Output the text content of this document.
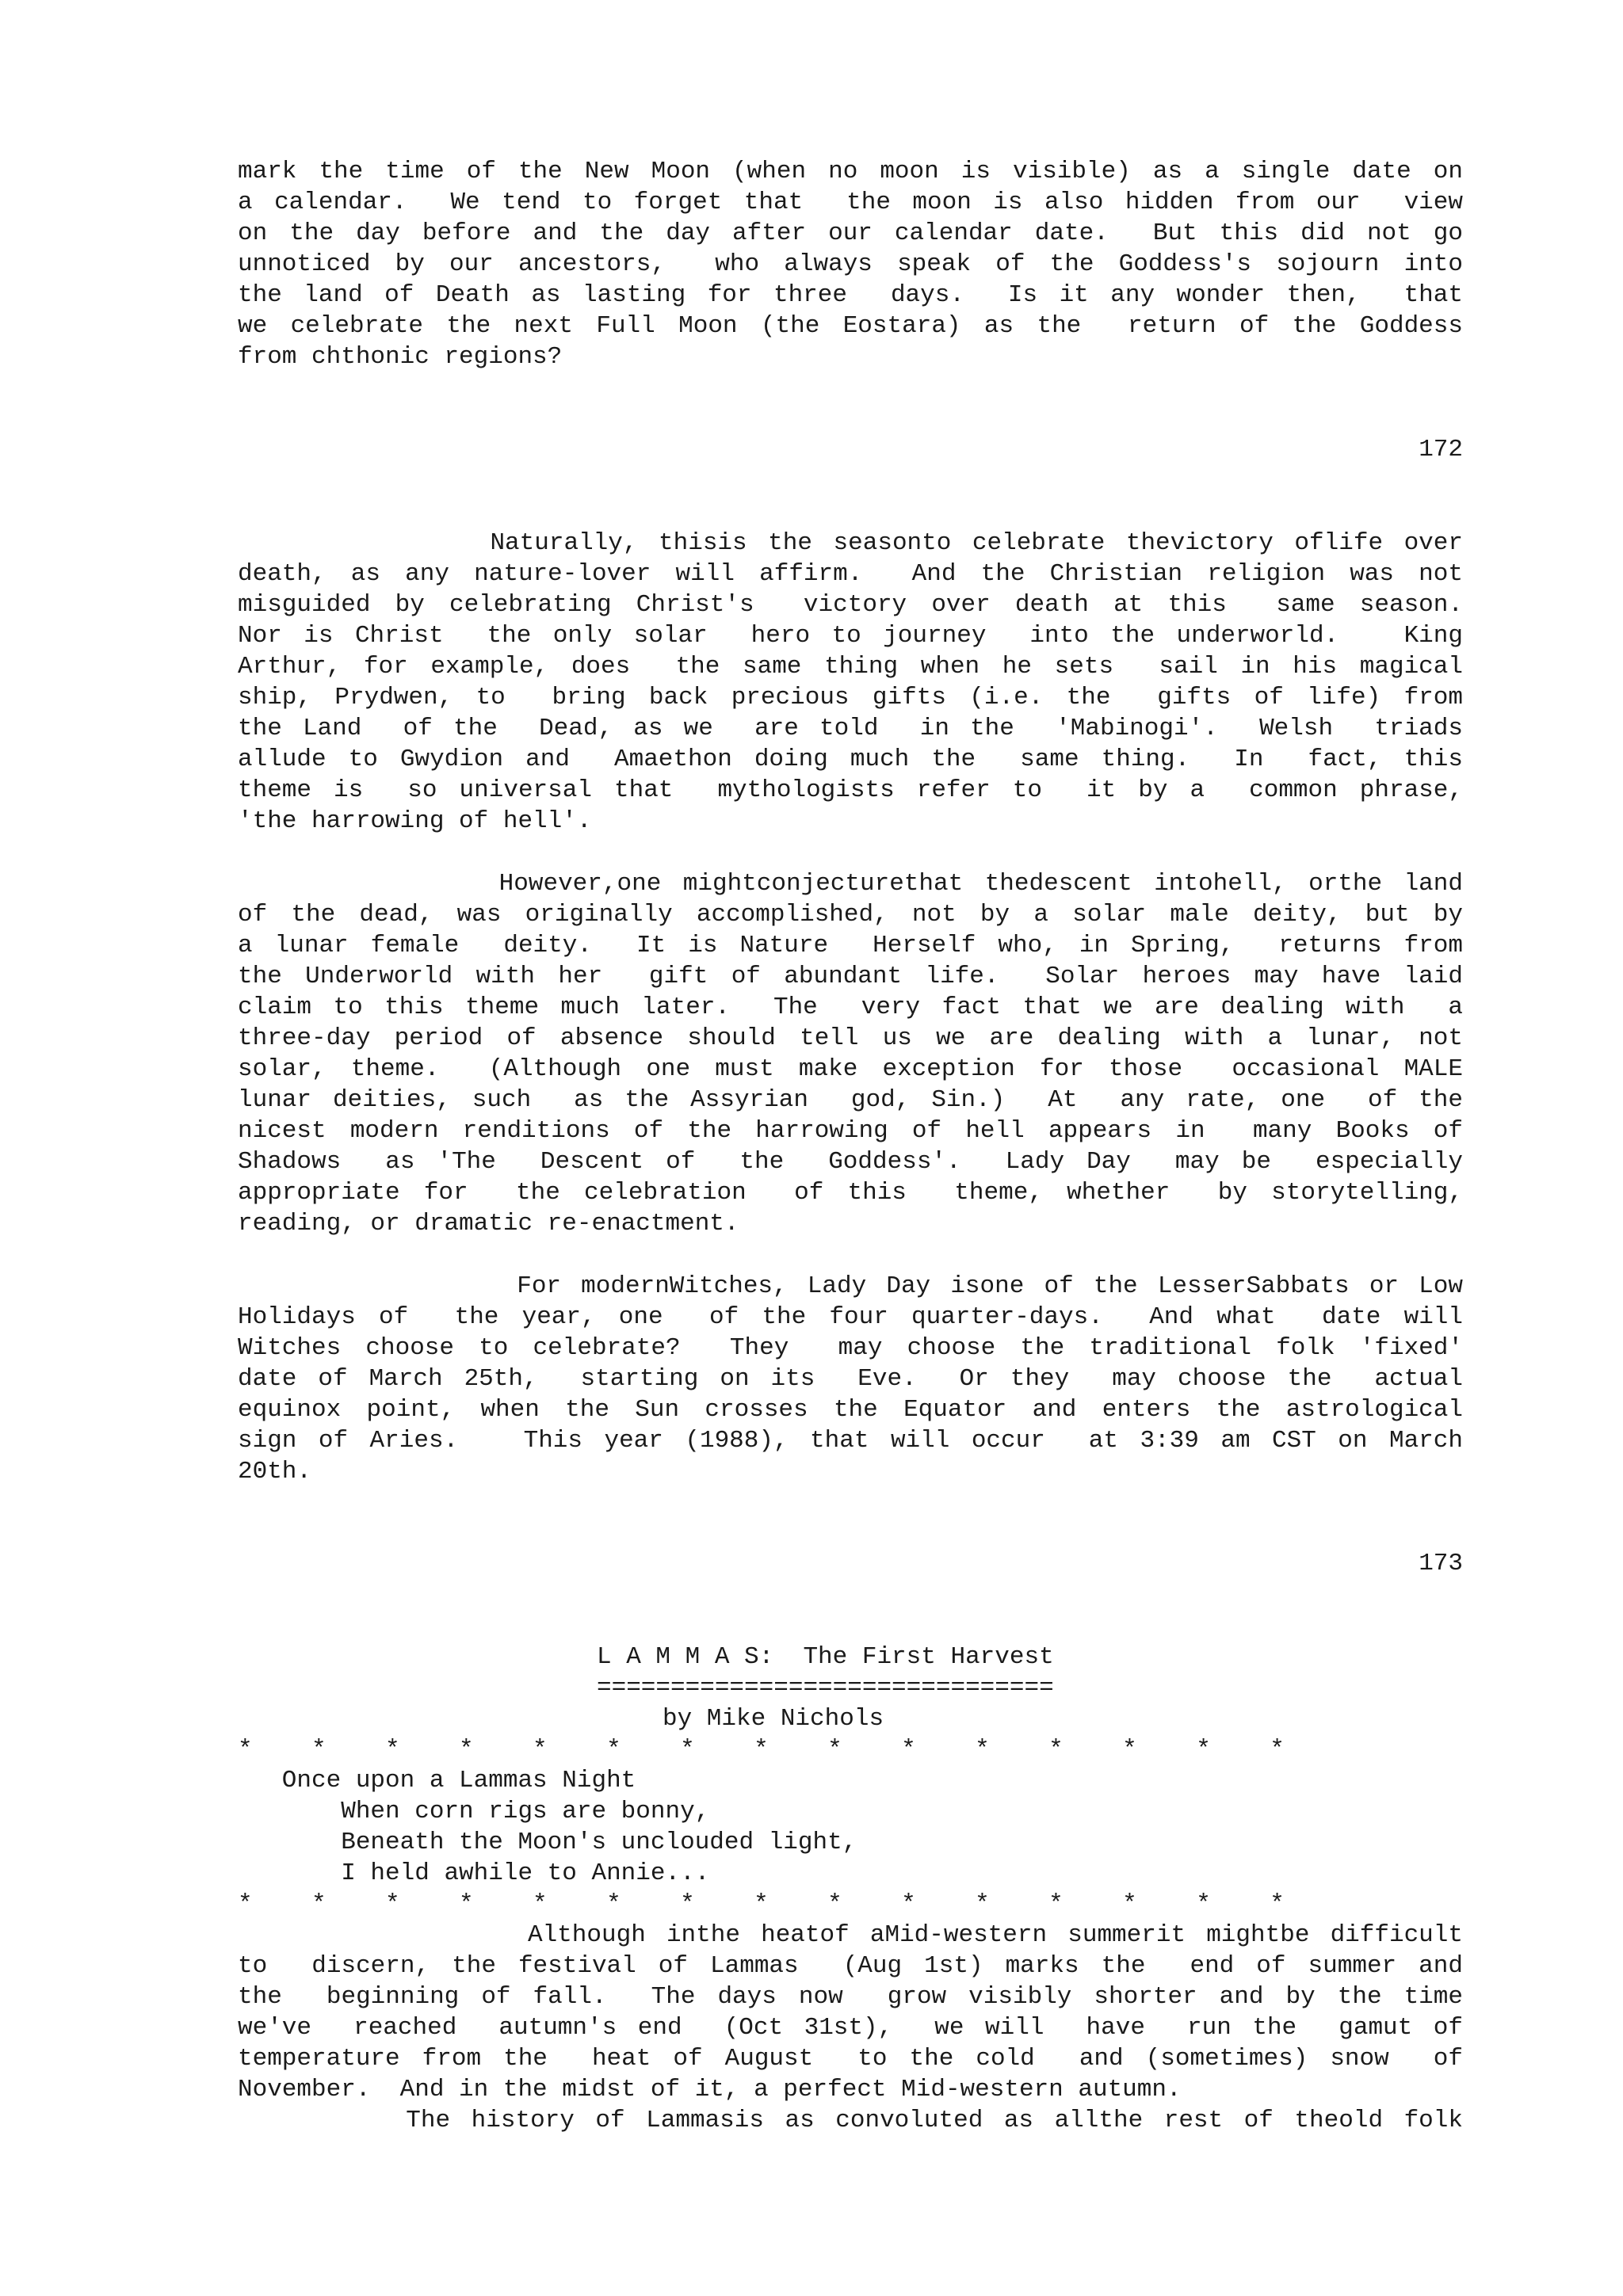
mark the time of the New Moon (when no moon is visible) as a single date on

a calendar.  We tend to forget that  the moon is also hidden from our  view

on the day before and the day after our calendar date.  But this did not go

unnoticed by our ancestors,  who always speak of the Goddess's sojourn into

the land of Death as lasting for three  days.  Is it any wonder then,  that

we celebrate the next Full Moon (the Eostara) as the  return of the Goddess

from chthonic regions?

172

Naturally, thisis the seasonto celebrate thevictory oflife over

death, as any nature-lover will affirm.  And the Christian religion was not

misguided by celebrating Christ's  victory over death at this  same season.

Nor is Christ  the only solar  hero to journey  into the underworld.   King

Arthur, for example, does  the same thing when he sets  sail in his magical

ship, Prydwen, to  bring back precious gifts (i.e. the  gifts of life) from

the Land  of the  Dead, as we  are told  in the  'Mabinogi'.  Welsh  triads

allude to Gwydion and  Amaethon doing much the  same thing.  In  fact, this

theme is  so universal that  mythologists refer to  it by a  common phrase,

'the harrowing of hell'.

However,one mightconjecturethat thedescent intohell, orthe land

of the dead, was originally accomplished, not by a solar male deity, but by

a lunar female  deity.  It is Nature  Herself who, in Spring,  returns from

the Underworld with her  gift of abundant life.  Solar heroes may have laid

claim to this theme much later.  The  very fact that we are dealing with  a

three-day period of absence should tell us we are dealing with a lunar, not

solar, theme.  (Although one must make exception for those  occasional MALE

lunar deities, such  as the Assyrian  god, Sin.)  At  any rate, one  of the

nicest modern renditions of the harrowing of hell appears in  many Books of

Shadows  as 'The  Descent of  the  Goddess'.  Lady Day  may be  especially

appropriate for  the celebration  of this  theme, whether  by storytelling,

reading, or dramatic re-enactment.

For modernWitches, Lady Day isone of the LesserSabbats or Low

Holidays of  the year, one  of the four quarter-days.  And what  date will

Witches choose to celebrate?  They  may choose the traditional folk 'fixed'

date of March 25th,  starting on its  Eve.  Or they  may choose the  actual

equinox point, when the Sun crosses the Equator and enters the astrological

sign of Aries.   This year (1988), that will occur  at 3:39 am CST on March

20th.

173

L A M M A S:  The First Harvest

===============================

by Mike Nichols

*    *    *    *    *    *    *    *    *    *    *    *    *    *    *

Once upon a Lammas Night

When corn rigs are bonny,

Beneath the Moon's unclouded light,

I held awhile to Annie...

*    *    *    *    *    *    *    *    *    *    *    *    *    *    *

Although inthe heatof aMid-western summerit mightbe difficult

to  discern, the festival of Lammas  (Aug 1st) marks the  end of summer and

the  beginning of fall.  The days now  grow visibly shorter and by the time

we've  reached  autumn's end  (Oct 31st),  we will  have  run the  gamut of

temperature from the  heat of August  to the cold  and (sometimes) snow  of

November.  And in the midst of it, a perfect Mid-western autumn.

The history of Lammasis as convoluted as allthe rest of theold folk
